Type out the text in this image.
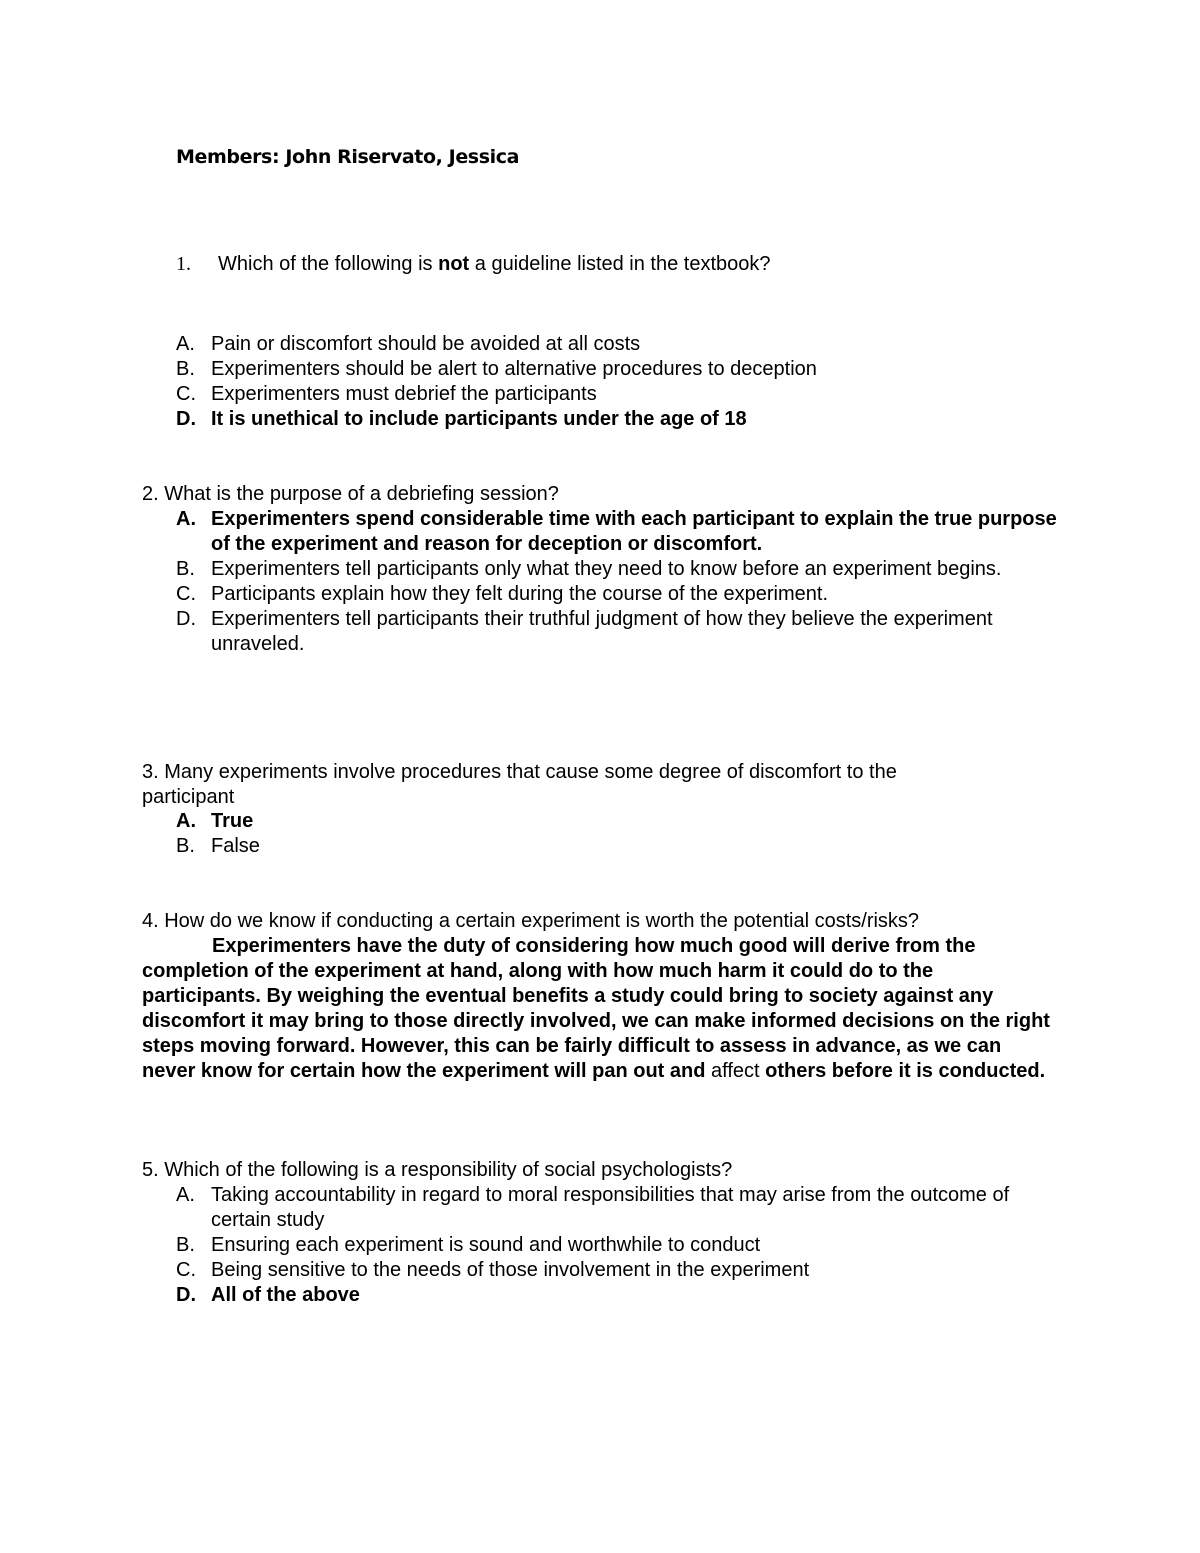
Members: John Riservato, Jessica
1. Which of the following is not a guideline listed in the textbook?
A. Pain or discomfort should be avoided at all costs
B. Experimenters should be alert to alternative procedures to deception
C. Experimenters must debrief the participants
D. It is unethical to include participants under the age of 18
2. What is the purpose of a debriefing session?
A. Experimenters spend considerable time with each participant to explain the true purpose of the experiment and reason for deception or discomfort.
B. Experimenters tell participants only what they need to know before an experiment begins.
C. Participants explain how they felt during the course of the experiment.
D. Experimenters tell participants their truthful judgment of how they believe the experiment unraveled.
3. Many experiments involve procedures that cause some degree of discomfort to the participant
A. True
B. False
4. How do we know if conducting a certain experiment is worth the potential costs/risks?
Experimenters have the duty of considering how much good will derive from the completion of the experiment at hand, along with how much harm it could do to the participants. By weighing the eventual benefits a study could bring to society against any discomfort it may bring to those directly involved, we can make informed decisions on the right steps moving forward. However, this can be fairly difficult to assess in advance, as we can never know for certain how the experiment will pan out and affect others before it is conducted.
5. Which of the following is a responsibility of social psychologists?
A. Taking accountability in regard to moral responsibilities that may arise from the outcome of certain study
B. Ensuring each experiment is sound and worthwhile to conduct
C. Being sensitive to the needs of those involvement in the experiment
D. All of the above
